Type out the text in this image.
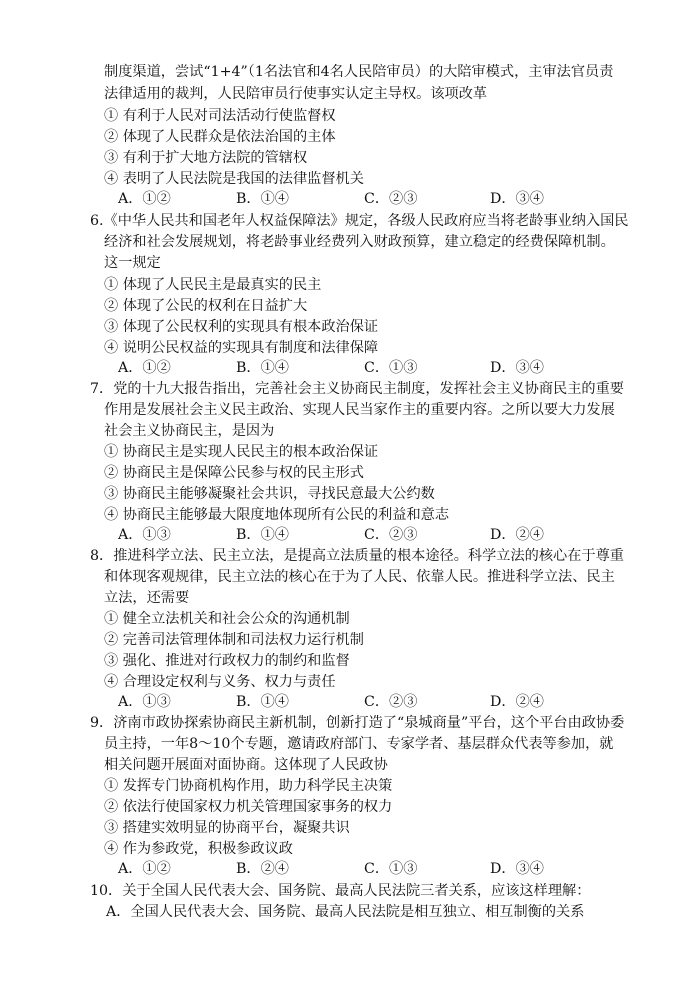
制度渠道，尝试“1+4”（1名法官和4名人民陪审员）的大陪审模式，主审法官员责
法律适用的裁判，人民陪审员行使事实认定主导权。该项改革
① 有利于人民对司法活动行使监督权
② 体现了人民群众是依法治国的主体
③ 有利于扩大地方法院的管辖权
④ 表明了人民法院是我国的法律监督机关
A．①②	B．①④	C．②③	D．③④
6.《中华人民共和国老年人权益保障法》规定，各级人民政府应当将老龄事业纳入国民
经济和社会发展规划，将老龄事业经费列入财政预算，建立稳定的经费保障机制。
这一规定
① 体现了人民民主是最真实的民主
② 体现了公民的权利在日益扩大
③ 体现了公民权利的实现具有根本政治保证
④ 说明公民权益的实现具有制度和法律保障
A．①②	B．①④	C．①③	D．③④
7．党的十九大报告指出，完善社会主义协商民主制度，发挥社会主义协商民主的重要
作用是发展社会主义民主政治、实现人民当家作主的重要内容。之所以要大力发展
社会主义协商民主，是因为
① 协商民主是实现人民民主的根本政治保证
② 协商民主是保障公民参与权的民主形式
③ 协商民主能够凝聚社会共识，寻找民意最大公约数
④ 协商民主能够最大限度地体现所有公民的利益和意志
A．①③	B．①④	C．②③	D．②④
8．推进科学立法、民主立法，是提高立法质量的根本途径。科学立法的核心在于尊重
和体现客观规律，民主立法的核心在于为了人民、依靠人民。推进科学立法、民主
立法，还需要
① 健全立法机关和社会公众的沟通机制
② 完善司法管理体制和司法权力运行机制
③ 强化、推进对行政权力的制约和监督
④ 合理设定权利与义务、权力与责任
A．①③	B．①④	C．②③	D．②④
9．济南市政协探索协商民主新机制，创新打造了“泉城商量”平台，这个平台由政协委
员主持，一年8～10个专题，邀请政府部门、专家学者、基层群众代表等参加，就
相关问题开展面对面协商。这体现了人民政协
① 发挥专门协商机构作用，助力科学民主决策
② 依法行使国家权力机关管理国家事务的权力
③ 搭建实效明显的协商平台，凝聚共识
④ 作为参政党，积极参政议政
A．①②	B．②④	C．①③	D．③④
10．关于全国人民代表大会、国务院、最高人民法院三者关系，应该这样理解：
A．全国人民代表大会、国务院、最高人民法院是相互独立、相互制衡的关系
